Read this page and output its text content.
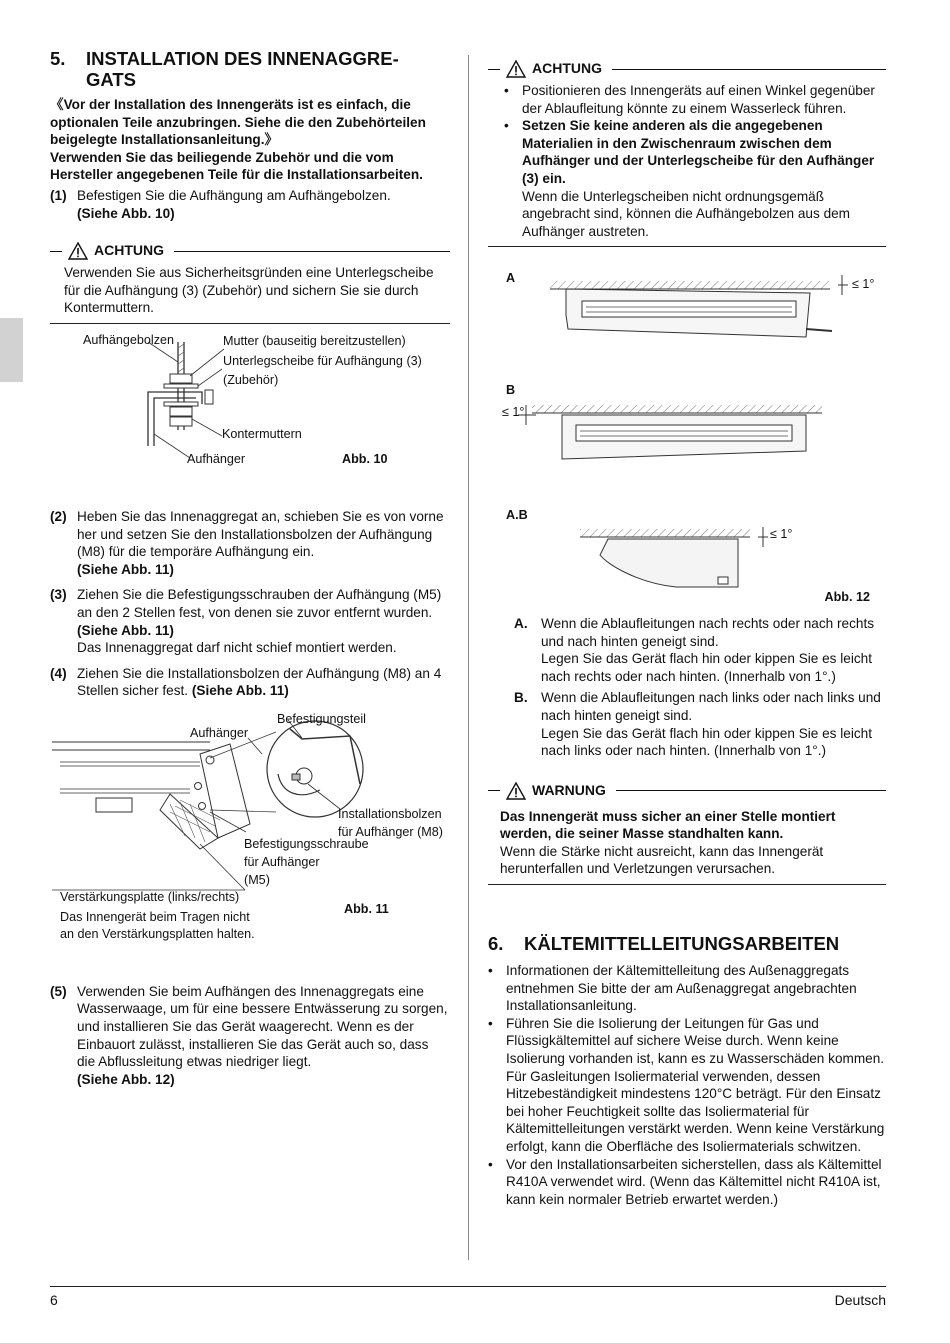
5. INSTALLATION DES INNENAGGRE-
GATS

《Vor der Installation des Innengeräts ist es einfach, die optionalen Teile anzubringen. Siehe die den Zubehörteilen beigelegte Installationsanleitung.》

Verwenden Sie das beiliegende Zubehör und die vom Hersteller angegebenen Teile für die Installationsarbeiten.

(1) Befestigen Sie die Aufhängung am Aufhängebolzen.
(Siehe Abb. 10)
ACHTUNG

Verwenden Sie aus Sicherheitsgründen eine Unterlegscheibe für die Aufhängung (3) (Zubehör) und sichern Sie sie durch Kontermuttern.

Aufhängebolzen	Mutter (bauseitig bereitzustellen)
Unterlegscheibe für Aufhängung (3)
(Zubehör)
Kontermuttern
Aufhänger	Abb. 10
(2) Heben Sie das Innenaggregat an, schieben Sie es von vorne her und setzen Sie den Installationsbolzen der Aufhängung (M8) für die temporäre Aufhängung ein.
(Siehe Abb. 11)
(3) Ziehen Sie die Befestigungsschrauben der Aufhängung (M5) an den 2 Stellen fest, von denen sie zuvor entfernt wurden. (Siehe Abb. 11)
Das Innenaggregat darf nicht schief montiert werden.
(4) Ziehen Sie die Installationsbolzen der Aufhängung (M8) an 4 Stellen sicher fest. (Siehe Abb. 11)
Befestigungsteil
Aufhänger
Installationsbolzen
für Aufhänger (M8)
Befestigungsschraube
für Aufhänger
(M5)
Verstärkungsplatte (links/rechts)
Das Innengerät beim Tragen nicht
an den Verstärkungsplatten halten.
Abb. 11
(5) Verwenden Sie beim Aufhängen des Innenaggregats eine Wasserwaage, um für eine bessere Entwässerung zu sorgen, und installieren Sie das Gerät waagerecht. Wenn es der Einbauort zulässt, installieren Sie das Gerät auch so, dass die Abflussleitung etwas niedriger liegt.
(Siehe Abb. 12)
ACHTUNG
• Positionieren des Innengeräts auf einen Winkel gegenüber der Ablaufleitung könnte zu einem Wasserleck führen.
• Setzen Sie keine anderen als die angegebenen Materialien in den Zwischenraum zwischen dem Aufhänger und der Unterlegscheibe für den Aufhänger (3) ein.
Wenn die Unterlegscheiben nicht ordnungsgemäß angebracht sind, können die Aufhängebolzen aus dem Aufhänger austreten.
A	≤ 1°
B
≤ 1°
A.B
≤ 1°
Abb. 12
A. Wenn die Ablaufleitungen nach rechts oder nach rechts und nach hinten geneigt sind.
Legen Sie das Gerät flach hin oder kippen Sie es leicht nach rechts oder nach hinten. (Innerhalb von 1°.)
B. Wenn die Ablaufleitungen nach links oder nach links und nach hinten geneigt sind.
Legen Sie das Gerät flach hin oder kippen Sie es leicht nach links oder nach hinten. (Innerhalb von 1°.)
WARNUNG

Das Innengerät muss sicher an einer Stelle montiert werden, die seiner Masse standhalten kann.

Wenn die Stärke nicht ausreicht, kann das Innengerät herunterfallen und Verletzungen verursachen.

6. KÄLTEMITTELLEITUNGSARBEITEN
• Informationen der Kältemittelleitung des Außenaggregats entnehmen Sie bitte der am Außenaggregat angebrachten Installationsanleitung.
• Führen Sie die Isolierung der Leitungen für Gas und Flüssigkältemittel auf sichere Weise durch. Wenn keine Isolierung vorhanden ist, kann es zu Wasserschäden kommen. Für Gasleitungen Isoliermaterial verwenden, dessen Hitzebeständigkeit mindestens 120°C beträgt. Für den Einsatz bei hoher Feuchtigkeit sollte das Isoliermaterial für Kältemittelleitungen verstärkt werden. Wenn keine Verstärkung erfolgt, kann die Oberfläche des Isoliermaterials schwitzen.
• Vor den Installationsarbeiten sicherstellen, dass als Kältemittel R410A verwendet wird. (Wenn das Kältemittel nicht R410A ist, kann kein normaler Betrieb erwartet werden.)
6	Deutsch
